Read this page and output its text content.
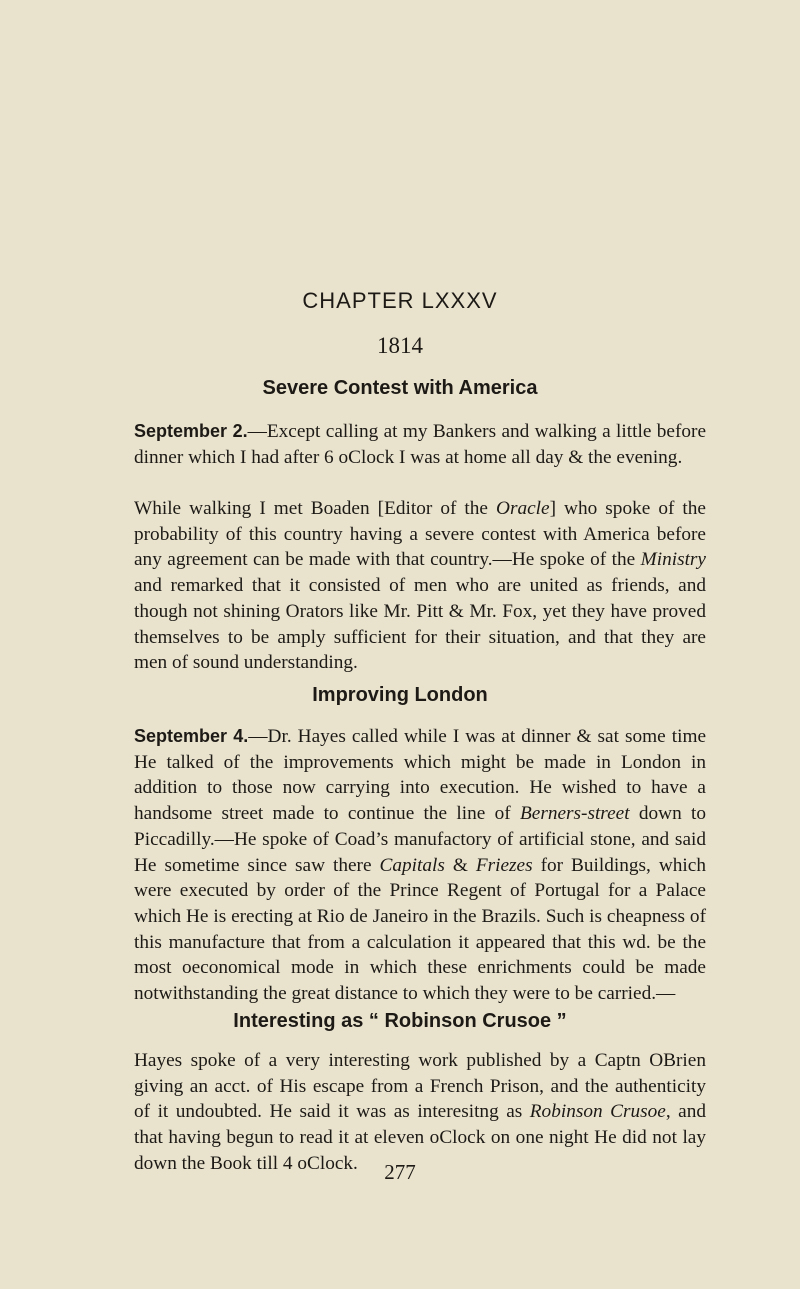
CHAPTER LXXXV
1814
Severe Contest with America

September 2.—Except calling at my Bankers and walking a little before dinner which I had after 6 oClock I was at home all day & the evening.

While walking I met Boaden [Editor of the Oracle] who spoke of the probability of this country having a severe contest with America before any agreement can be made with that country.—He spoke of the Ministry and remarked that it consisted of men who are united as friends, and though not shining Orators like Mr. Pitt & Mr. Fox, yet they have proved themselves to be amply sufficient for their situation, and that they are men of sound understanding.

Improving London

September 4.—Dr. Hayes called while I was at dinner & sat some time He talked of the improvements which might be made in London in addition to those now carrying into execution. He wished to have a handsome street made to continue the line of Berners-street down to Piccadilly.—He spoke of Coad’s manufactory of artificial stone, and said He sometime since saw there Capitals & Friezes for Buildings, which were executed by order of the Prince Regent of Portugal for a Palace which He is erecting at Rio de Janeiro in the Brazils. Such is cheapness of this manufacture that from a calculation it appeared that this wd. be the most oeconomical mode in which these enrichments could be made notwithstanding the great distance to which they were to be carried.—

Interesting as “ Robinson Crusoe ”

Hayes spoke of a very interesting work published by a Captn OBrien giving an acct. of His escape from a French Prison, and the authenticity of it undoubted. He said it was as interesitng as Robinson Crusoe, and that having begun to read it at eleven oClock on one night He did not lay down the Book till 4 oClock.	277
